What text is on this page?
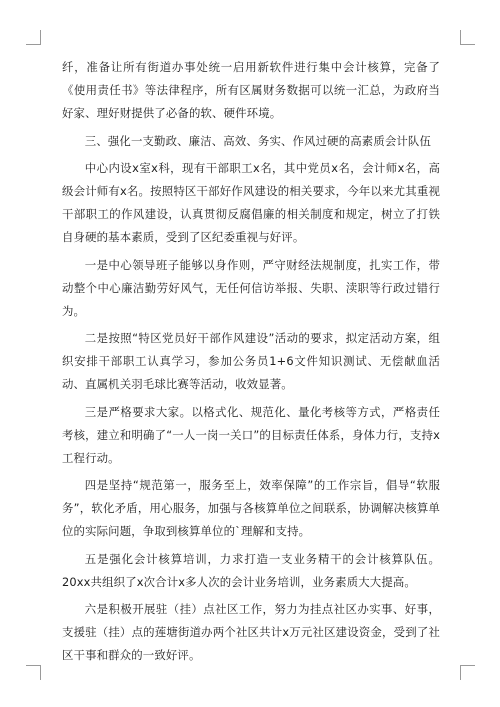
纤，准备让所有街道办事处统一启用新软件进行集中会计核算，完备了《使用责任书》等法律程序，所有区属财务数据可以统一汇总，为政府当好家、理好财提供了必备的软、硬件环境。

三、强化一支勤政、廉洁、高效、务实、作风过硬的高素质会计队伍

中心内设x室x科，现有干部职工x名，其中党员x名，会计师x名，高级会计师有x名。按照特区干部好作风建设的相关要求，今年以来尤其重视干部职工的作风建设，认真贯彻反腐倡廉的相关制度和规定，树立了打铁自身硬的基本素质，受到了区纪委重视与好评。

一是中心领导班子能够以身作则，严守财经法规制度，扎实工作，带动整个中心廉洁勤劳好风气，无任何信访举报、失职、渎职等行政过错行为。

二是按照“特区党员好干部作风建设”活动的要求，拟定活动方案，组织安排干部职工认真学习，参加公务员1+6文件知识测试、无偿献血活动、直属机关羽毛球比赛等活动，收效显著。

三是严格要求大家。以格式化、规范化、量化考核等方式，严格责任考核，建立和明确了“一人一岗一关口”的目标责任体系，身体力行，支持x工程行动。

四是坚持“规范第一，服务至上，效率保障”的工作宗旨，倡导“软服务”，软化矛盾，用心服务，加强与各核算单位之间联系，协调解决核算单位的实际问题，争取到核算单位的`理解和支持。

五是强化会计核算培训，力求打造一支业务精干的会计核算队伍。20xx共组织了x次合计x多人次的会计业务培训，业务素质大大提高。

六是积极开展驻（挂）点社区工作，努力为挂点社区办实事、好事，支援驻（挂）点的莲塘街道办两个社区共计x万元社区建设资金，受到了社区干事和群众的一致好评。
